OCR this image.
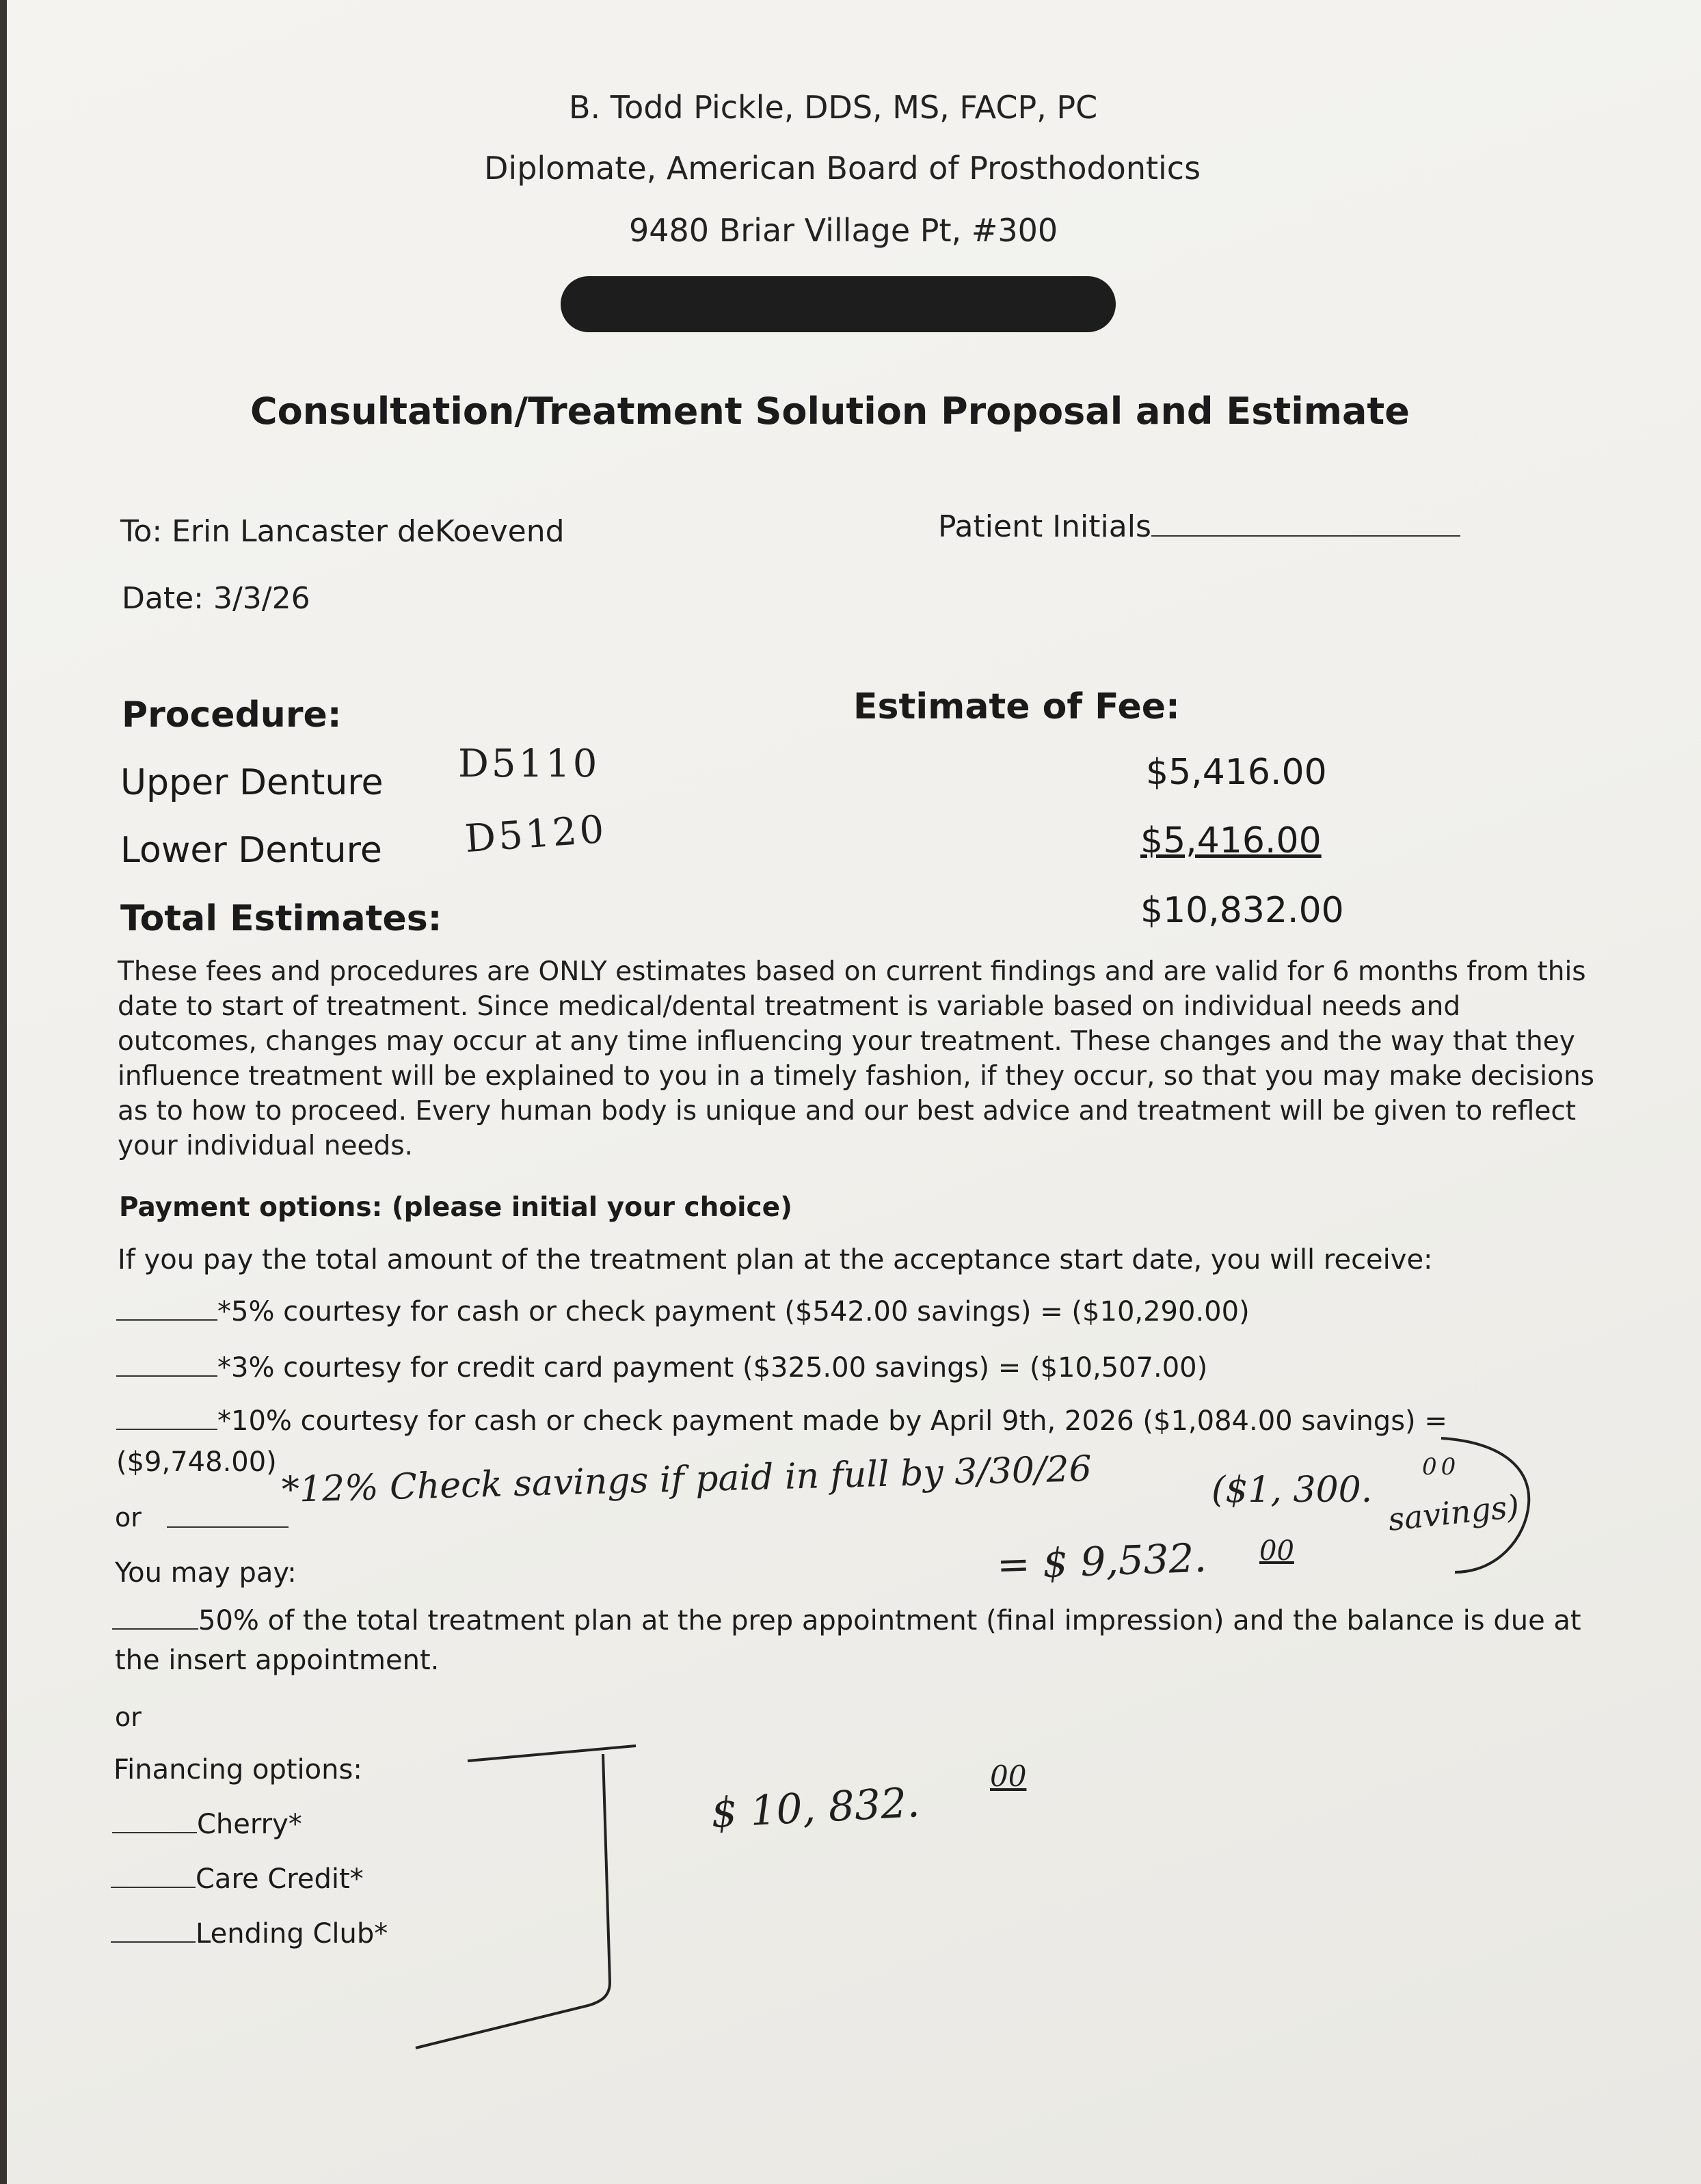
B. Todd Pickle, DDS, MS, FACP, PC
Diplomate, American Board of Prosthodontics
9480 Briar Village Pt, #300
Consultation/Treatment Solution Proposal and Estimate
To: Erin Lancaster deKoevend	Patient Initials
Date: 3/3/26
Procedure:	Estimate of Fee:
Upper Denture D5110	$5,416.00
Lower Denture D5120	$5,416.00
Total Estimates:	$10,832.00
These fees and procedures are ONLY estimates based on current findings and are valid for 6 months from this
date to start of treatment. Since medical/dental treatment is variable based on individual needs and
outcomes, changes may occur at any time influencing your treatment. These changes and the way that they
influence treatment will be explained to you in a timely fashion, if they occur, so that you may make decisions
as to how to proceed. Every human body is unique and our best advice and treatment will be given to reflect
your individual needs.
Payment options: (please initial your choice)
If you pay the total amount of the treatment plan at the acceptance start date, you will receive:
*5% courtesy for cash or check payment ($542.00 savings) = ($10,290.00)
*3% courtesy for credit card payment ($325.00 savings) = ($10,507.00)
*10% courtesy for cash or check payment made by April 9th, 2026 ($1,084.00 savings) =
($9,748.00)
or
*12% Check savings if paid in full by 3/30/26	($1, 300.
00
savings)
You may pay:	= $ 9,532. 00
50% of the total treatment plan at the prep appointment (final impression) and the balance is due at
the insert appointment.
or
Financing options:
Cherry*
Care Credit*
Lending Club*
$ 10, 832.
00
